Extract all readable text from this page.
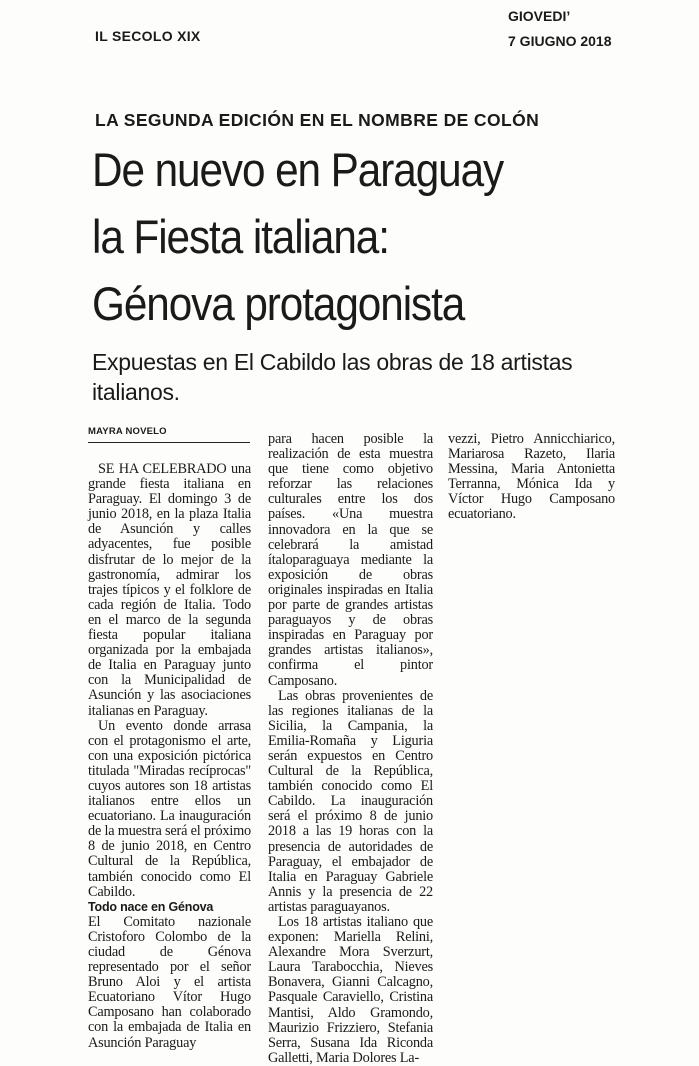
IL SECOLO XIX
GIOVEDI’
7 GIUGNO 2018
LA SEGUNDA EDICIÓN EN EL NOMBRE DE COLÓN
De nuevo en Paraguay
la Fiesta italiana:
Génova protagonista
Expuestas en El Cabildo las obras de 18 artistas
italianos.
MAYRA NOVELO

SE HA CELEBRADO una grande fiesta italiana en Paraguay. El domingo 3 de junio 2018, en la plaza Italia de Asunción y calles adyacentes, fue posible disfrutar de lo mejor de la gastronomía, admirar los trajes típicos y el folklore de cada región de Italia. Todo en el marco de la segunda fiesta popular italiana organizada por la embajada de Italia en Paraguay junto con la Municipalidad de Asunción y las asociaciones italianas en Paraguay.

Un evento donde arrasa con el protagonismo el arte, con una exposición pictórica titulada "Miradas recíprocas" cuyos autores son 18 artistas italianos entre ellos un ecuatoriano. La inauguración de la muestra será el próximo 8 de junio 2018, en Centro Cultural de la República, también conocido como El Cabildo.

Todo nace en Génova

El Comitato nazionale Cristoforo Colombo de la ciudad de Génova representado por el señor Bruno Aloi y el artista Ecuatoriano Vítor Hugo Camposano han colaborado con la embajada de Italia en Asunción Paraguay

para hacen posible la realización de esta muestra que tiene como objetivo reforzar las relaciones culturales entre los dos países. «Una muestra innovadora en la que se celebrará la amistad ítaloparaguaya mediante la exposición de obras originales inspiradas en Italia por parte de grandes artistas paraguayos y de obras inspiradas en Paraguay por grandes artistas italianos», confirma el pintor Camposano.

Las obras provenientes de las regiones italianas de la Sicilia, la Campania, la Emilia-Romaña y Liguria serán expuestos en Centro Cultural de la República, también conocido como El Cabildo. La inauguración será el próximo 8 de junio 2018 a las 19 horas con la presencia de autoridades de Paraguay, el embajador de Italia en Paraguay Gabriele Annis y la presencia de 22 artistas paraguayanos.

Los 18 artistas italiano que exponen: Mariella Relini, Alexandre Mora Sverzurt, Laura Tarabocchia, Nieves Bonavera, Gianni Calcagno, Pasquale Caraviello, Cristina Mantisi, Aldo Gramondo, Maurizio Frizziero, Stefania Serra, Susana Ida Riconda Galletti, Maria Dolores La-

vezzi, Pietro Annicchiarico, Mariarosa Razeto, Ilaria Messina, Maria Antonietta Terranna, Mónica Ida y Víctor Hugo Camposano ecuatoriano.
